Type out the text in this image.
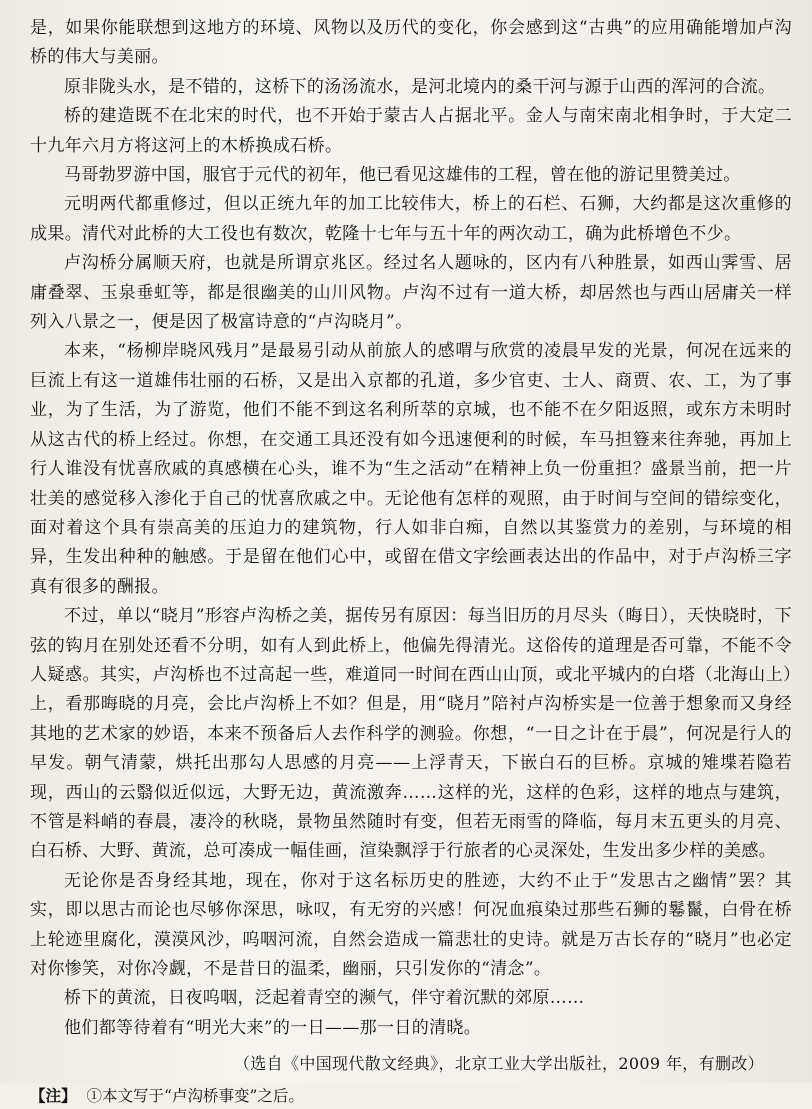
是，如果你能联想到这地方的环境、风物以及历代的变化，你会感到这“古典”的应用确能增加卢沟桥的伟大与美丽。

原非陇头水，是不错的，这桥下的汤汤流水，是河北境内的桑干河与源于山西的浑河的合流。

桥的建造既不在北宋的时代，也不开始于蒙古人占据北平。金人与南宋南北相争时，于大定二十九年六月方将这河上的木桥换成石桥。

马哥勃罗游中国，服官于元代的初年，他已看见这雄伟的工程，曾在他的游记里赞美过。

元明两代都重修过，但以正统九年的加工比较伟大，桥上的石栏、石狮，大约都是这次重修的成果。清代对此桥的大工役也有数次，乾隆十七年与五十年的两次动工，确为此桥增色不少。

卢沟桥分属顺天府，也就是所谓京兆区。经过名人题咏的，区内有八种胜景，如西山霁雪、居庸叠翠、玉泉垂虹等，都是很幽美的山川风物。卢沟不过有一道大桥，却居然也与西山居庸关一样列入八景之一，便是因了极富诗意的“卢沟晓月”。

本来，“杨柳岸晓风残月”是最易引动从前旅人的感喟与欣赏的凌晨早发的光景，何况在远来的巨流上有这一道雄伟壮丽的石桥，又是出入京都的孔道，多少官吏、士人、商贾、农、工，为了事业，为了生活，为了游览，他们不能不到这名利所萃的京城，也不能不在夕阳返照，或东方未明时从这古代的桥上经过。你想，在交通工具还没有如今迅速便利的时候，车马担簦来往奔驰，再加上行人谁没有忧喜欣戚的真感横在心头，谁不为“生之活动”在精神上负一份重担？盛景当前，把一片壮美的感觉移入渗化于自己的忧喜欣戚之中。无论他有怎样的观照，由于时间与空间的错综变化，面对着这个具有崇高美的压迫力的建筑物，行人如非白痴，自然以其鉴赏力的差别，与环境的相异，生发出种种的触感。于是留在他们心中，或留在借文字绘画表达出的作品中，对于卢沟桥三字真有很多的酬报。

不过，单以“晓月”形容卢沟桥之美，据传另有原因：每当旧历的月尽头（晦日），天快晓时，下弦的钩月在别处还看不分明，如有人到此桥上，他偏先得清光。这俗传的道理是否可靠，不能不令人疑惑。其实，卢沟桥也不过高起一些，难道同一时间在西山山顶，或北平城内的白塔（北海山上）上，看那晦晓的月亮，会比卢沟桥上不如？但是，用“晓月”陪衬卢沟桥实是一位善于想象而又身经其地的艺术家的妙语，本来不预备后人去作科学的测验。你想，“一日之计在于晨”，何况是行人的早发。朝气清蒙，烘托出那勾人思感的月亮——上浮青天，下嵌白石的巨桥。京城的雉堞若隐若现，西山的云翳似近似远，大野无边，黄流激奔……这样的光，这样的色彩，这样的地点与建筑，不管是料峭的春晨，凄冷的秋晓，景物虽然随时有变，但若无雨雪的降临，每月末五更头的月亮、白石桥、大野、黄流，总可凑成一幅佳画，渲染飘浮于行旅者的心灵深处，生发出多少样的美感。

无论你是否身经其地，现在，你对于这名标历史的胜迹，大约不止于“发思古之幽情”罢？其实，即以思古而论也尽够你深思，咏叹，有无穷的兴感！何况血痕染过那些石狮的鬈鬣，白骨在桥上轮迹里腐化，漠漠风沙，呜咽河流，自然会造成一篇悲壮的史诗。就是万古长存的“晓月”也必定对你惨笑，对你冷觑，不是昔日的温柔，幽丽，只引发你的“清念”。

桥下的黄流，日夜呜咽，泛起着青空的濒气，伴守着沉默的郊原……

他们都等待着有“明光大来”的一日——那一日的清晓。

（选自《中国现代散文经典》，北京工业大学出版社，2009 年，有删改）

【注】 ①本文写于“卢沟桥事变”之后。
